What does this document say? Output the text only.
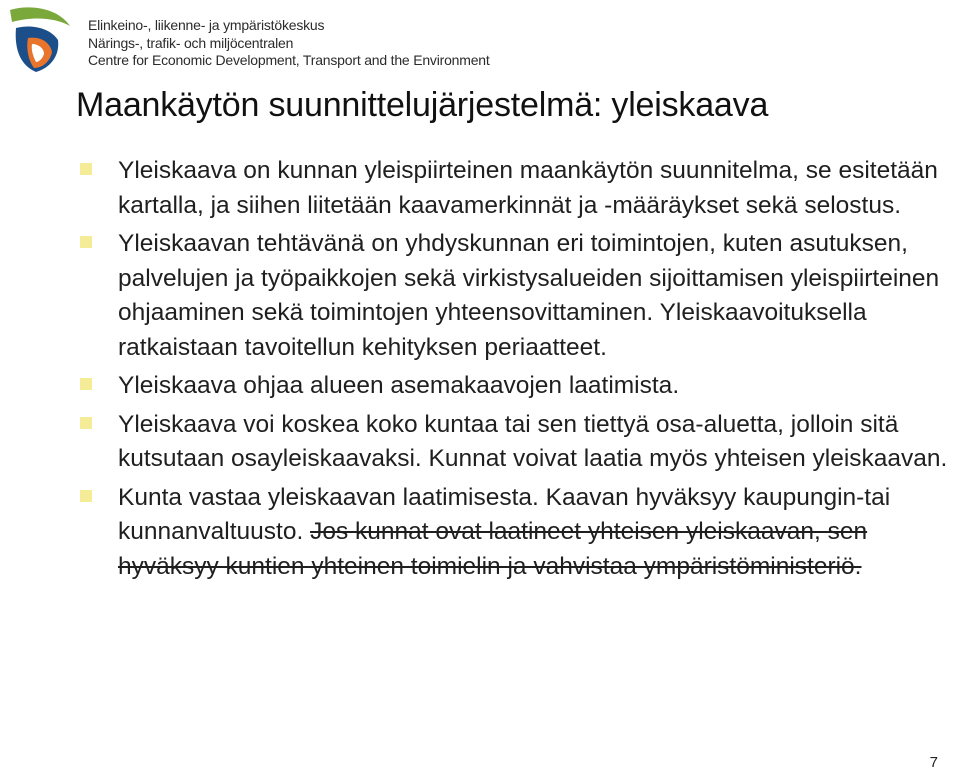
Elinkeino-, liikenne- ja ympäristökeskus
Närings-, trafik- och miljöcentralen
Centre for Economic Development, Transport and the Environment
Maankäytön suunnittelujärjestelmä: yleiskaava
Yleiskaava on kunnan yleispiirteinen maankäytön suunnitelma, se esitetään kartalla, ja siihen liitetään kaavamerkinnät ja -määräykset sekä selostus.
Yleiskaavan tehtävänä on yhdyskunnan eri toimintojen, kuten asutuksen, palvelujen ja työpaikkojen sekä virkistysalueiden sijoittamisen yleispiirteinen ohjaaminen sekä toimintojen yhteensovittaminen. Yleiskaavoituksella ratkaistaan tavoitellun kehityksen periaatteet.
Yleiskaava ohjaa alueen asemakaavojen laatimista.
Yleiskaava voi koskea koko kuntaa tai sen tiettyä osa-aluetta, jolloin sitä kutsutaan osayleiskaavaksi. Kunnat voivat laatia myös yhteisen yleiskaavan.
Kunta vastaa yleiskaavan laatimisesta. Kaavan hyväksyy kaupungin-tai kunnanvaltuusto. Jos kunnat ovat laatineet yhteisen yleiskaavan, sen hyväksyy kuntien yhteinen toimielin ja vahvistaa ympäristöministeriö.
7
